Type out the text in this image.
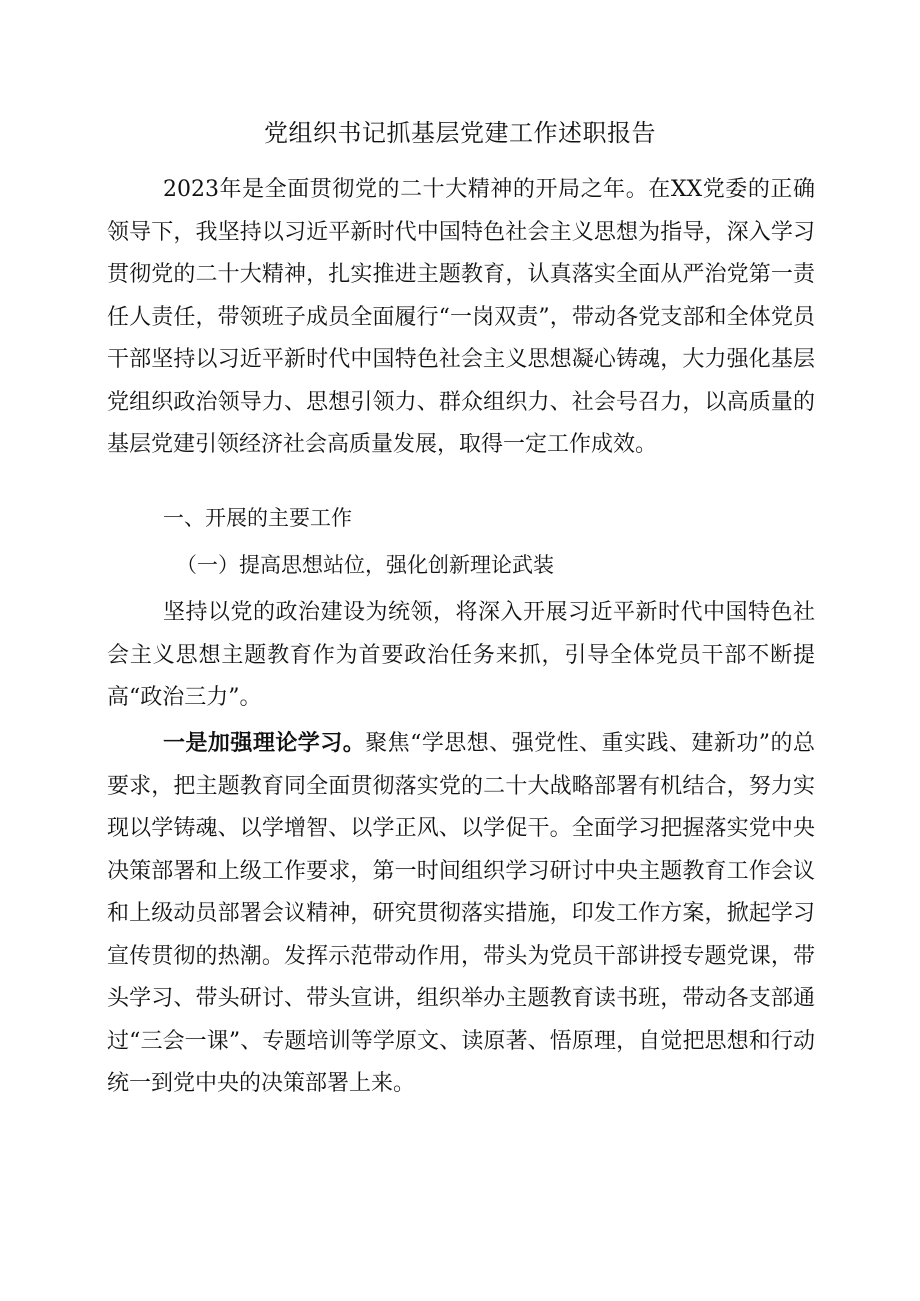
党组织书记抓基层党建工作述职报告

2023年是全面贯彻党的二十大精神的开局之年。在XX党委的正确领导下，我坚持以习近平新时代中国特色社会主义思想为指导，深入学习贯彻党的二十大精神，扎实推进主题教育，认真落实全面从严治党第一责任人责任，带领班子成员全面履行“一岗双责”，带动各党支部和全体党员干部坚持以习近平新时代中国特色社会主义思想凝心铸魂，大力强化基层党组织政治领导力、思想引领力、群众组织力、社会号召力，以高质量的基层党建引领经济社会高质量发展，取得一定工作成效。

一、开展的主要工作
（一）提高思想站位，强化创新理论武装

坚持以党的政治建设为统领，将深入开展习近平新时代中国特色社会主义思想主题教育作为首要政治任务来抓，引导全体党员干部不断提高“政治三力”。

一是加强理论学习。聚焦“学思想、强党性、重实践、建新功”的总要求，把主题教育同全面贯彻落实党的二十大战略部署有机结合，努力实现以学铸魂、以学增智、以学正风、以学促干。全面学习把握落实党中央决策部署和上级工作要求，第一时间组织学习研讨中央主题教育工作会议和上级动员部署会议精神，研究贯彻落实措施，印发工作方案，掀起学习宣传贯彻的热潮。发挥示范带动作用，带头为党员干部讲授专题党课，带头学习、带头研讨、带头宣讲，组织举办主题教育读书班，带动各支部通过“三会一课”、专题培训等学原文、读原著、悟原理，自觉把思想和行动统一到党中央的决策部署上来。
